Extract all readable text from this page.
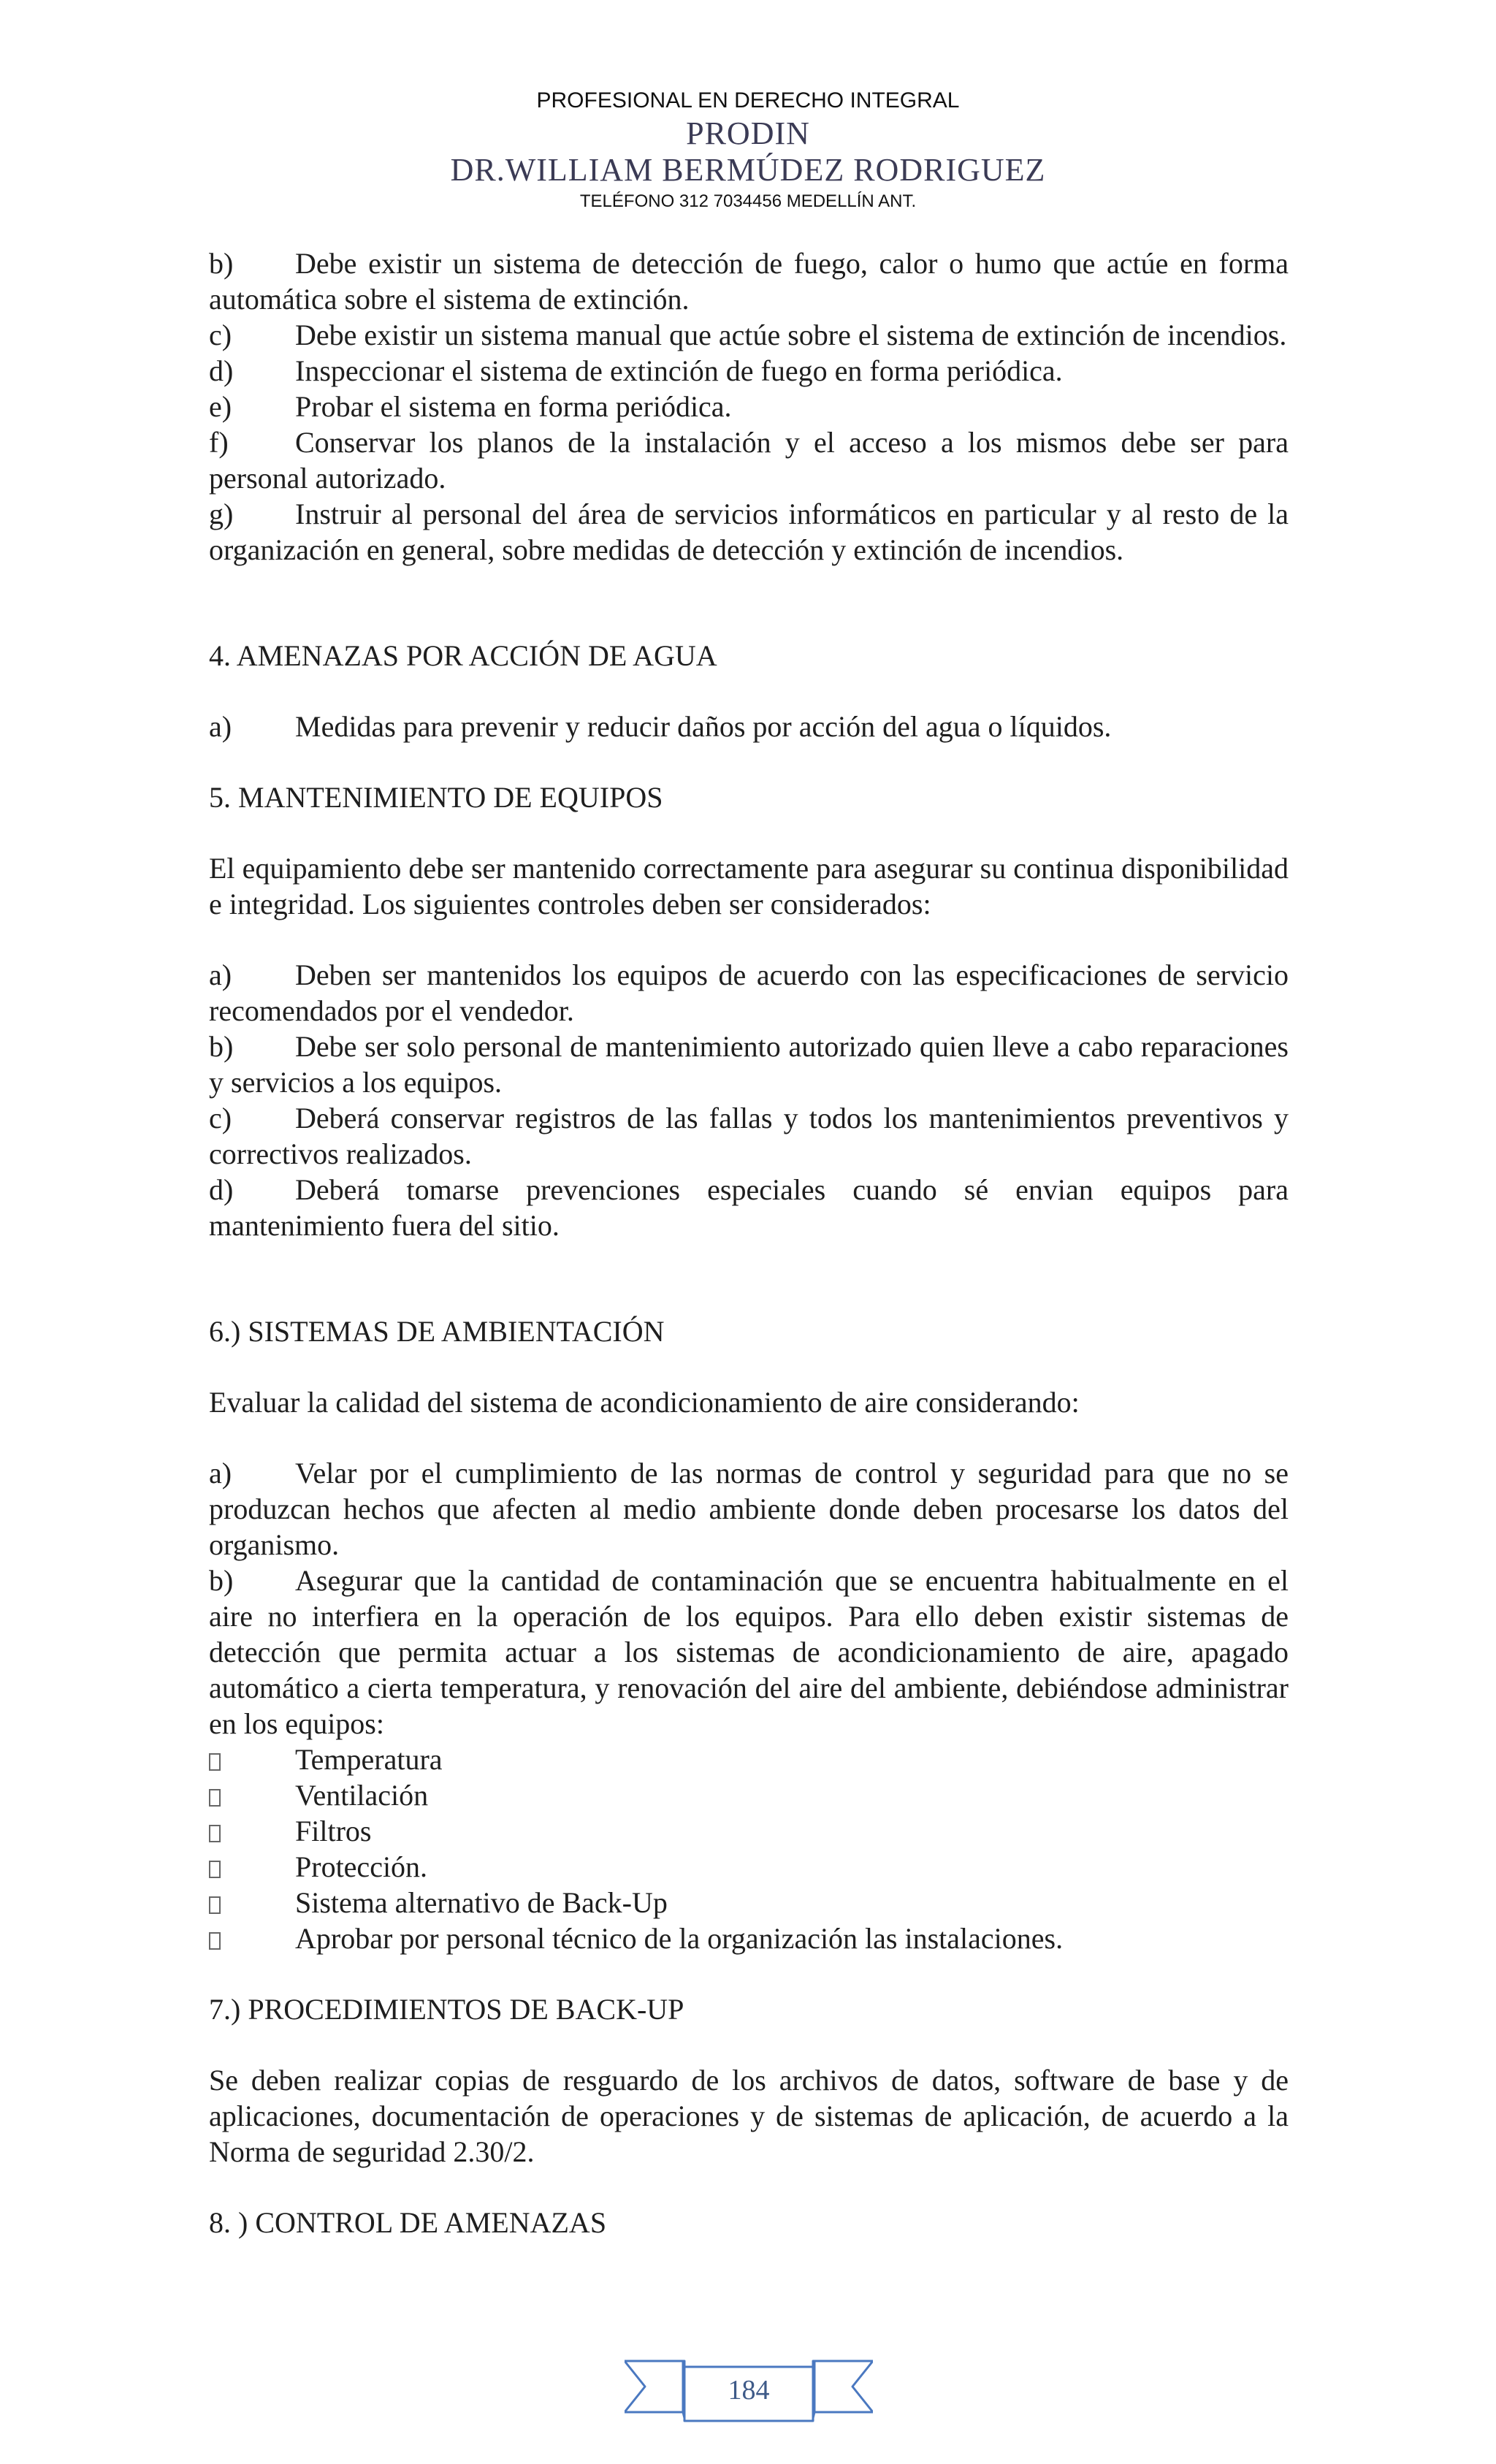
PROFESIONAL EN DERECHO INTEGRAL
PRODIN
DR.WILLIAM BERMÚDEZ RODRIGUEZ
TELÉFONO 312 7034456 MEDELLÍN ANT.

b) Debe existir un sistema de detección de fuego, calor o humo que actúe en forma automática sobre el sistema de extinción.

c) Debe existir un sistema manual que actúe sobre el sistema de extinción de incendios.

d) Inspeccionar el sistema de extinción de fuego en forma periódica.

e) Probar el sistema en forma periódica.

f) Conservar los planos de la instalación y el acceso a los mismos debe ser para personal autorizado.

g) Instruir al personal del área de servicios informáticos en particular y al resto de la organización en general, sobre medidas de detección y extinción de incendios.

4. AMENAZAS POR ACCIÓN DE AGUA

a) Medidas para prevenir y reducir daños por acción del agua o líquidos.

5. MANTENIMIENTO DE EQUIPOS

El equipamiento debe ser mantenido correctamente para asegurar su continua disponibilidad e integridad. Los siguientes controles deben ser considerados:

a) Deben ser mantenidos los equipos de acuerdo con las especificaciones de servicio recomendados por el vendedor.

b) Debe ser solo personal de mantenimiento autorizado quien lleve a cabo reparaciones y servicios a los equipos.

c) Deberá conservar registros de las fallas y todos los mantenimientos preventivos y correctivos realizados.

d) Deberá tomarse prevenciones especiales cuando sé envian equipos para mantenimiento fuera del sitio.

6.) SISTEMAS DE AMBIENTACIÓN

Evaluar la calidad del sistema de acondicionamiento de aire considerando:

a) Velar por el cumplimiento de las normas de control y seguridad para que no se produzcan hechos que afecten al medio ambiente donde deben procesarse los datos del organismo.

b) Asegurar que la cantidad de contaminación que se encuentra habitualmente en el aire no interfiera en la operación de los equipos. Para ello deben existir sistemas de detección que permita actuar a los sistemas de acondicionamiento de aire, apagado automático a cierta temperatura, y renovación del aire del ambiente, debiéndose administrar en los equipos:

Temperatura

Ventilación

Filtros

Protección.

Sistema alternativo de Back-Up

Aprobar por personal técnico de la organización las instalaciones.

7.) PROCEDIMIENTOS DE BACK-UP

Se deben realizar copias de resguardo de los archivos de datos, software de base y de aplicaciones, documentación de operaciones y de sistemas de aplicación, de acuerdo a la Norma de seguridad 2.30/2.

8. ) CONTROL DE AMENAZAS

184
